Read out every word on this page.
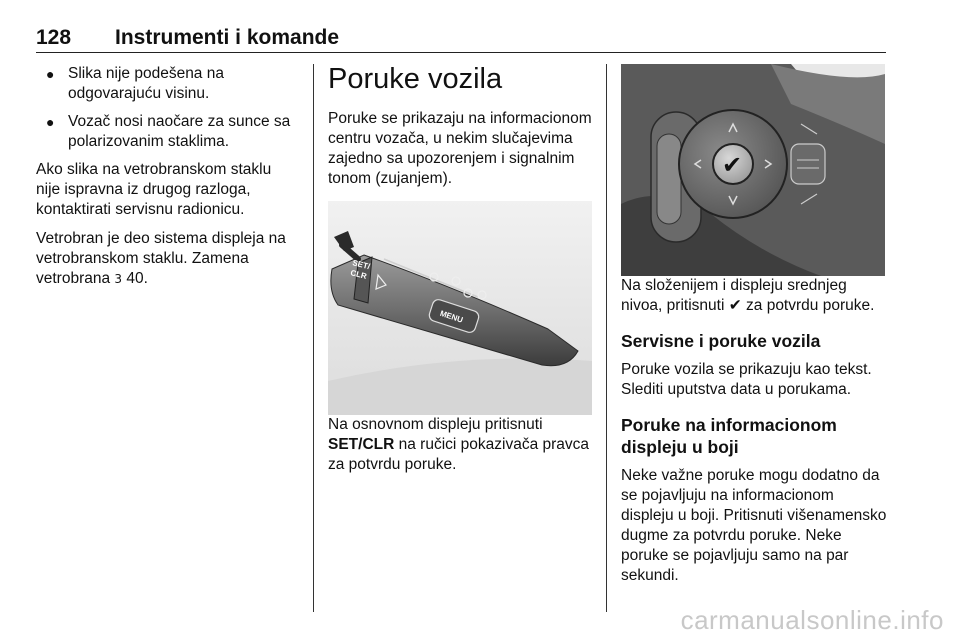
128 Instrumenti i komande
● Slika nije podešena na odgovarajuću visinu.
● Vozač nosi naočare za sunce sa polarizovanim staklima.

Ako slika na vetrobranskom staklu nije ispravna iz drugog razloga, kontaktirati servisnu radionicu.

Vetrobran je deo sistema displeja na vetrobranskom staklu. Zamena vetrobrana 3 40.

Poruke vozila

Poruke se prikazaju na informacionom centru vozača, u nekim slučajevima zajedno sa upozorenjem i signalnim tonom (zujanjem).

SET/
CLR
MENU

Na osnovnom displeju pritisnuti
SET/CLR na ručici pokazivača pravca za potvrdu poruke.

✔

Na složenijem i displeju srednjeg nivoa, pritisnuti ✔ za potvrdu poruke.

Servisne i poruke vozila

Poruke vozila se prikazuju kao tekst. Slediti uputstva data u porukama.

Poruke na informacionom displeju u boji

Neke važne poruke mogu dodatno da se pojavljuju na informacionom displeju u boji. Pritisnuti višenamensko dugme za potvrdu poruke. Neke poruke se pojavljuju samo na par sekundi.

carmanualsonline.info
